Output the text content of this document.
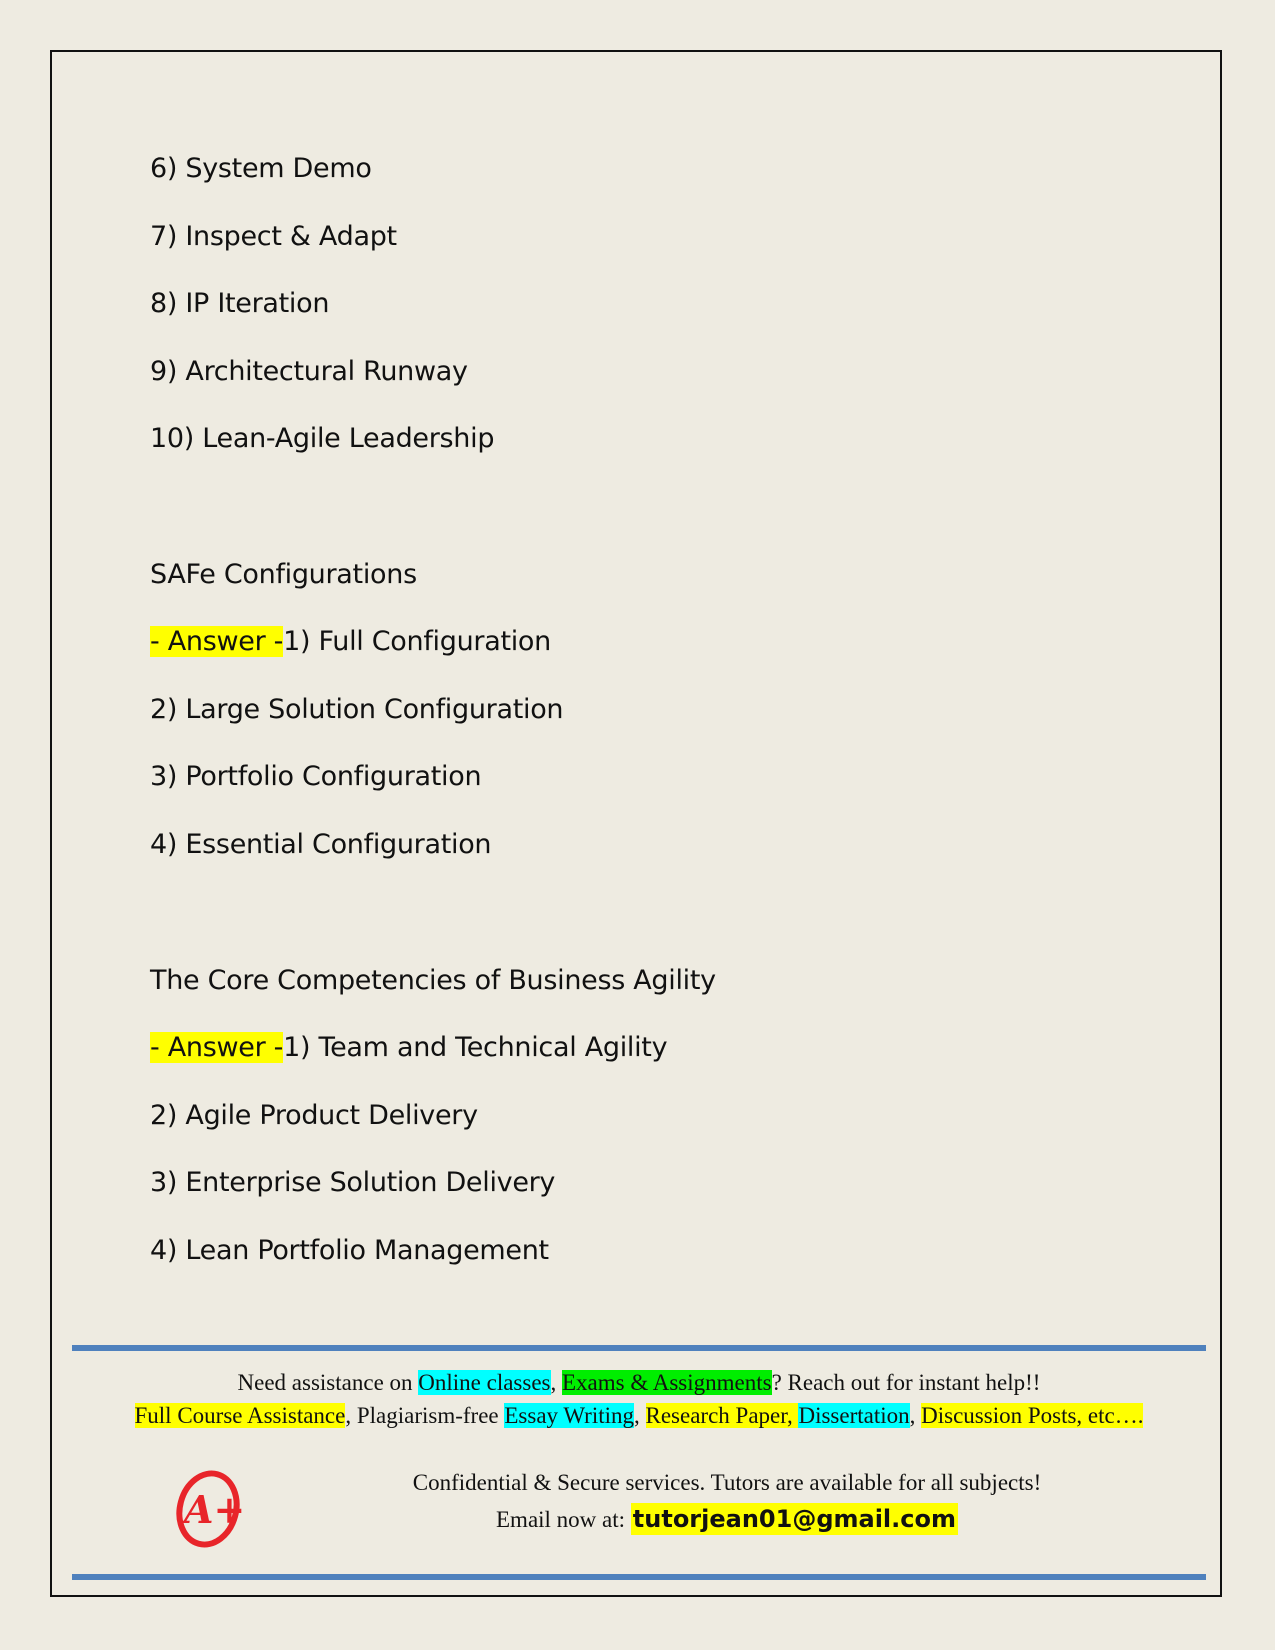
6) System Demo
7) Inspect & Adapt
8) IP Iteration
9) Architectural Runway
10) Lean-Agile Leadership
SAFe Configurations
- Answer -1) Full Configuration
2) Large Solution Configuration
3) Portfolio Configuration
4) Essential Configuration
The Core Competencies of Business Agility
- Answer -1) Team and Technical Agility
2) Agile Product Delivery
3) Enterprise Solution Delivery
4) Lean Portfolio Management
Need assistance on Online classes, Exams & Assignments? Reach out for instant help!!
Full Course Assistance, Plagiarism-free Essay Writing, Research Paper, Dissertation, Discussion Posts, etc….
A+
Confidential & Secure services. Tutors are available for all subjects!
Email now at: tutorjean01@gmail.com
